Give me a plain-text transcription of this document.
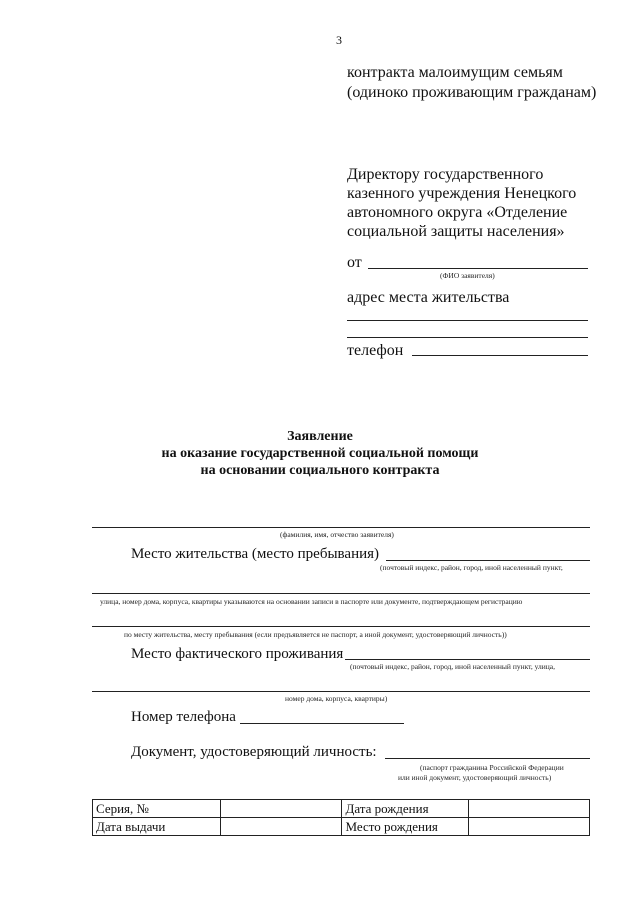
3
контракта малоимущим семьям
(одиноко проживающим гражданам)
Директору государственного
казенного учреждения Ненецкого
автономного округа «Отделение
социальной защиты населения»
от
(ФИО заявителя)
адрес места жительства
телефон
Заявление
на оказание государственной социальной помощи
на основании социального контракта
(фамилия, имя, отчество заявителя)
Место жительства (место пребывания)
(почтовый индекс, район, город, иной населенный пункт,
улица, номер дома, корпуса, квартиры указываются на основании записи в паспорте или документе, подтверждающем регистрацию
по месту жительства, месту пребывания (если предъявляется не паспорт, а иной документ, удостоверяющий личность))
Место фактического проживания
(почтовый индекс, район, город, иной населенный пункт, улица,
номер дома, корпуса, квартиры)
Номер телефона
Документ, удостоверяющий личность:
(паспорт гражданина Российской Федерации
или иной документ, удостоверяющий личность)
Серия, №		Дата рождения	
Дата выдачи		Место рождения	
